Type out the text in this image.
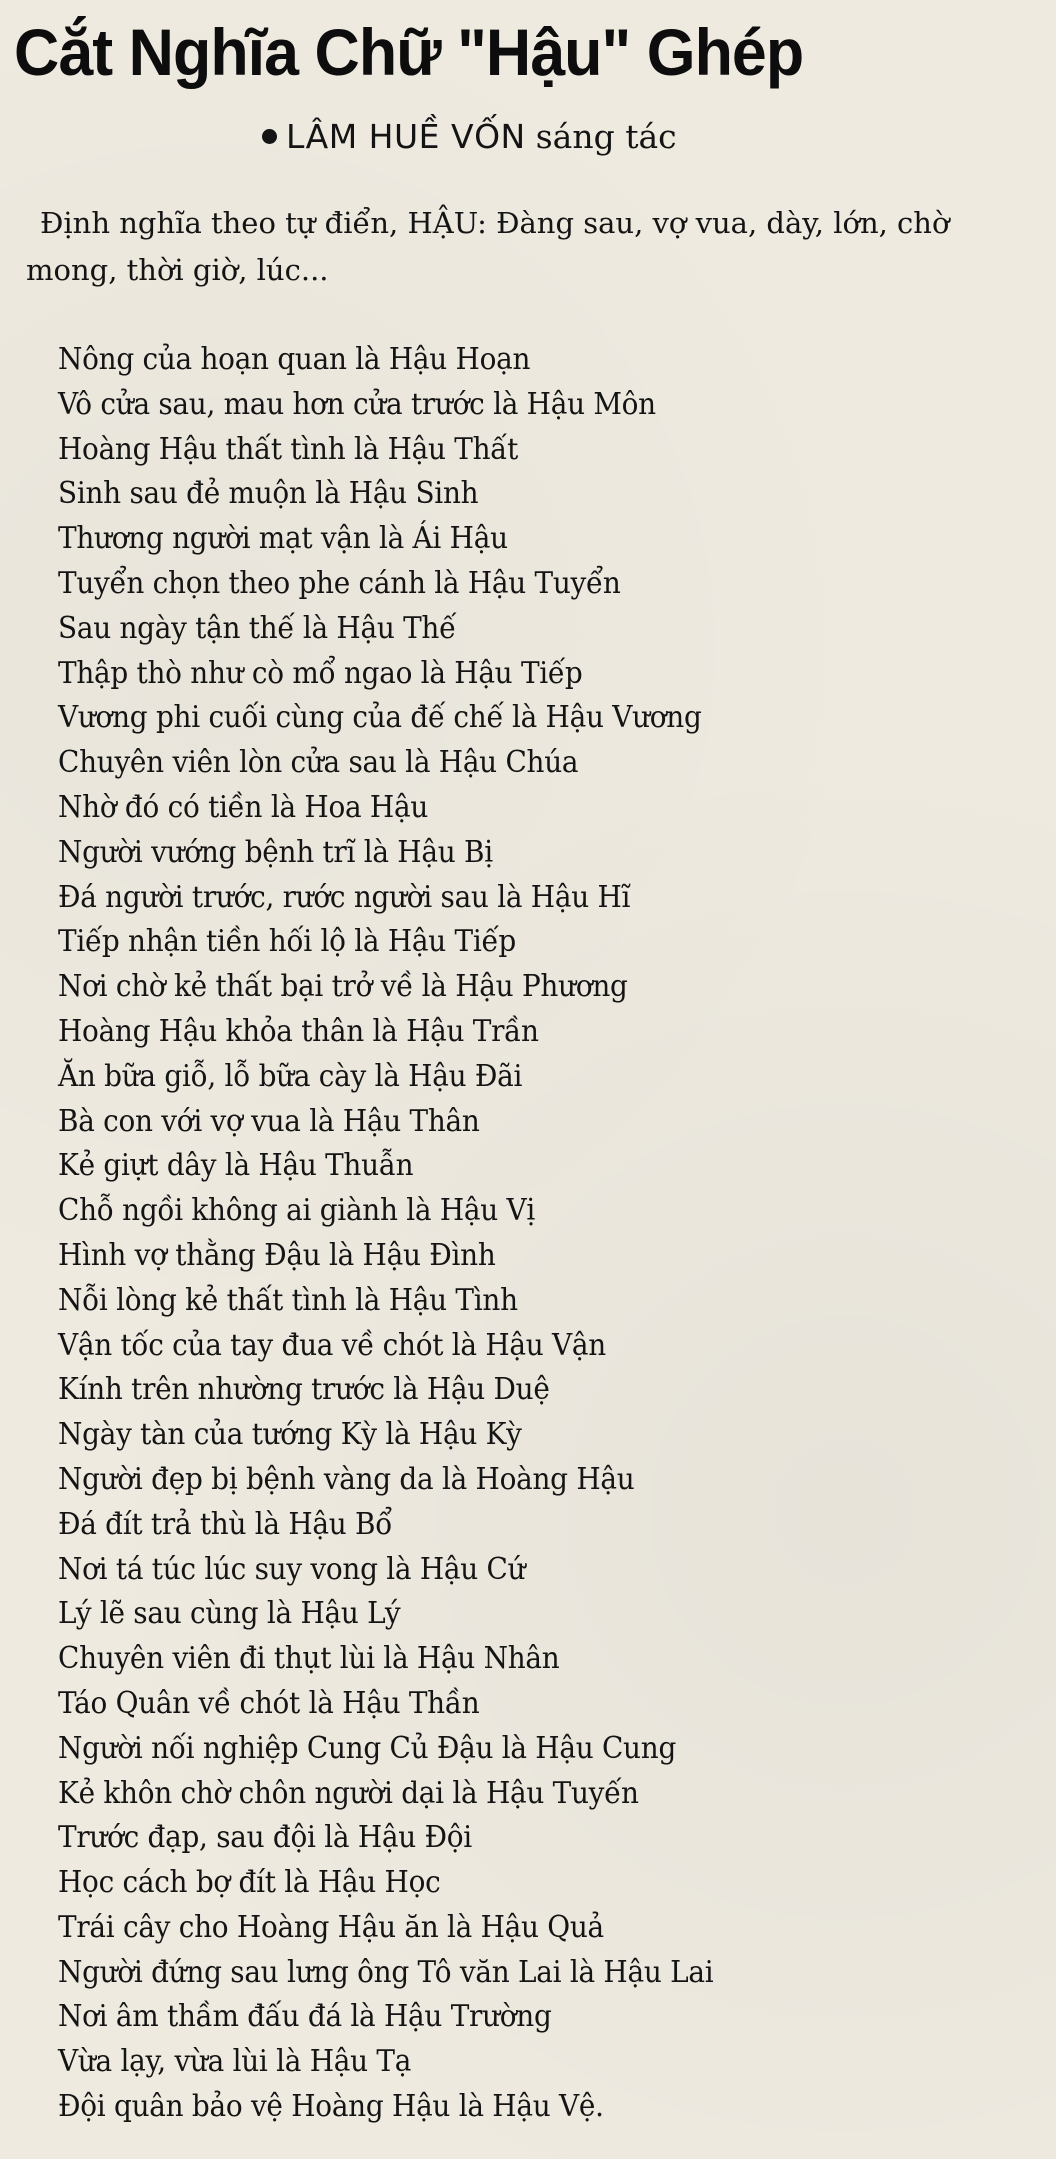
Cắt Nghĩa Chữ "Hậu" Ghép
LÂM HUỀ VỐN sáng tác

Định nghĩa theo tự điển, HẬU: Đàng sau, vợ vua, dày, lớn, chờ
mong, thời giờ, lúc...

Nông của hoạn quan là Hậu Hoạn
Vô cửa sau, mau hơn cửa trước là Hậu Môn
Hoàng Hậu thất tình là Hậu Thất
Sinh sau đẻ muộn là Hậu Sinh
Thương người mạt vận là Ái Hậu
Tuyển chọn theo phe cánh là Hậu Tuyển
Sau ngày tận thế là Hậu Thế
Thập thò như cò mổ ngao là Hậu Tiếp
Vương phi cuối cùng của đế chế là Hậu Vương
Chuyên viên lòn cửa sau là Hậu Chúa
Nhờ đó có tiền là Hoa Hậu
Người vướng bệnh trĩ là Hậu Bị
Đá người trước, rước người sau là Hậu Hĩ
Tiếp nhận tiền hối lộ là Hậu Tiếp
Nơi chờ kẻ thất bại trở về là Hậu Phương
Hoàng Hậu khỏa thân là Hậu Trần
Ăn bữa giỗ, lỗ bữa cày là Hậu Đãi
Bà con với vợ vua là Hậu Thân
Kẻ giựt dây là Hậu Thuẫn
Chỗ ngồi không ai giành là Hậu Vị
Hình vợ thằng Đậu là Hậu Đình
Nỗi lòng kẻ thất tình là Hậu Tình
Vận tốc của tay đua về chót là Hậu Vận
Kính trên nhường trước là Hậu Duệ
Ngày tàn của tướng Kỳ là Hậu Kỳ
Người đẹp bị bệnh vàng da là Hoàng Hậu
Đá đít trả thù là Hậu Bổ
Nơi tá túc lúc suy vong là Hậu Cứ
Lý lẽ sau cùng là Hậu Lý
Chuyên viên đi thụt lùi là Hậu Nhân
Táo Quân về chót là Hậu Thần
Người nối nghiệp Cung Củ Đậu là Hậu Cung
Kẻ khôn chờ chôn người dại là Hậu Tuyến
Trước đạp, sau đội là Hậu Đội
Học cách bợ đít là Hậu Học
Trái cây cho Hoàng Hậu ăn là Hậu Quả
Người đứng sau lưng ông Tô văn Lai là Hậu Lai
Nơi âm thầm đấu đá là Hậu Trường
Vừa lạy, vừa lùi là Hậu Tạ
Đội quân bảo vệ Hoàng Hậu là Hậu Vệ.
